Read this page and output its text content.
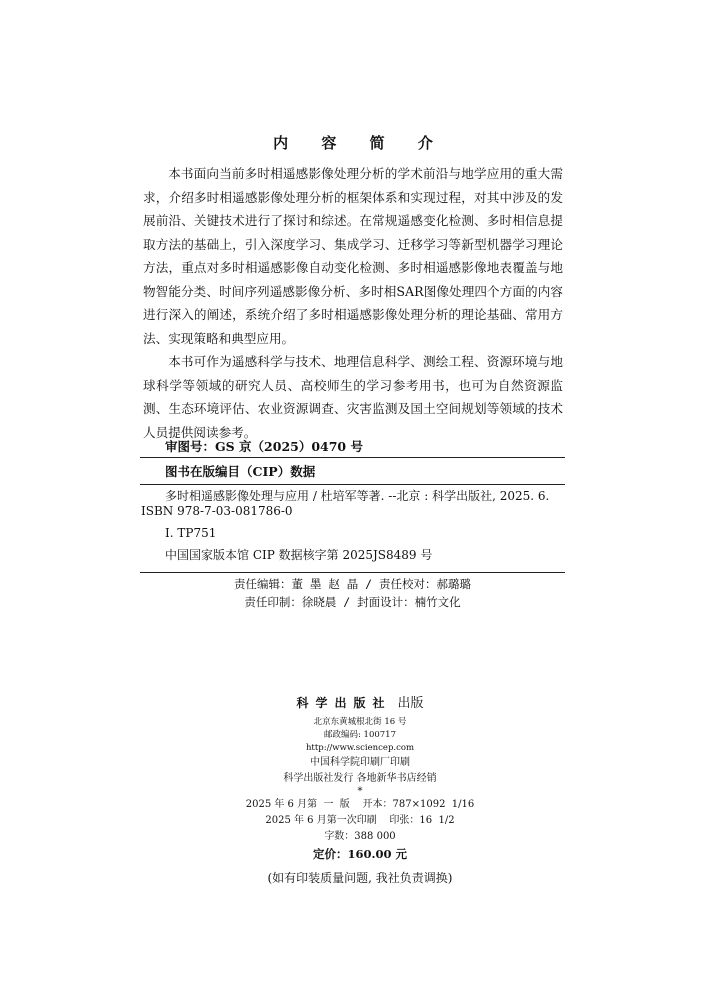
内 容 简 介

本书面向当前多时相遥感影像处理分析的学术前沿与地学应用的重大需求，介绍多时相遥感影像处理分析的框架体系和实现过程，对其中涉及的发展前沿、关键技术进行了探讨和综述。在常规遥感变化检测、多时相信息提取方法的基础上，引入深度学习、集成学习、迁移学习等新型机器学习理论方法，重点对多时相遥感影像自动变化检测、多时相遥感影像地表覆盖与地物智能分类、时间序列遥感影像分析、多时相SAR图像处理四个方面的内容进行深入的阐述，系统介绍了多时相遥感影像处理分析的理论基础、常用方法、实现策略和典型应用。

本书可作为遥感科学与技术、地理信息科学、测绘工程、资源环境与地球科学等领域的研究人员、高校师生的学习参考用书，也可为自然资源监测、生态环境评估、农业资源调查、灾害监测及国土空间规划等领域的技术人员提供阅读参考。

审图号：GS 京（2025）0470 号
图书在版编目（CIP）数据
多时相遥感影像处理与应用 / 杜培军等著. --北京 : 科学出版社, 2025. 6.
ISBN 978-7-03-081786-0
Ⅰ. TP751
中国国家版本馆 CIP 数据核字第 2025JS8489 号
责任编辑：董 墨 赵 晶 / 责任校对：郝璐璐
责任印制：徐晓晨 / 封面设计：楠竹文化
科学出版社 出版
北京东黄城根北街 16 号
邮政编码: 100717
http://www.sciencep.com
中国科学院印刷厂印刷
科学出版社发行 各地新华书店经销
*
2025 年 6 月第  一  版    开本：787×1092  1/16
2025 年 6 月第一次印刷    印张：16  1/2
字数：388 000
定价：160.00 元
(如有印装质量问题, 我社负责调换)
